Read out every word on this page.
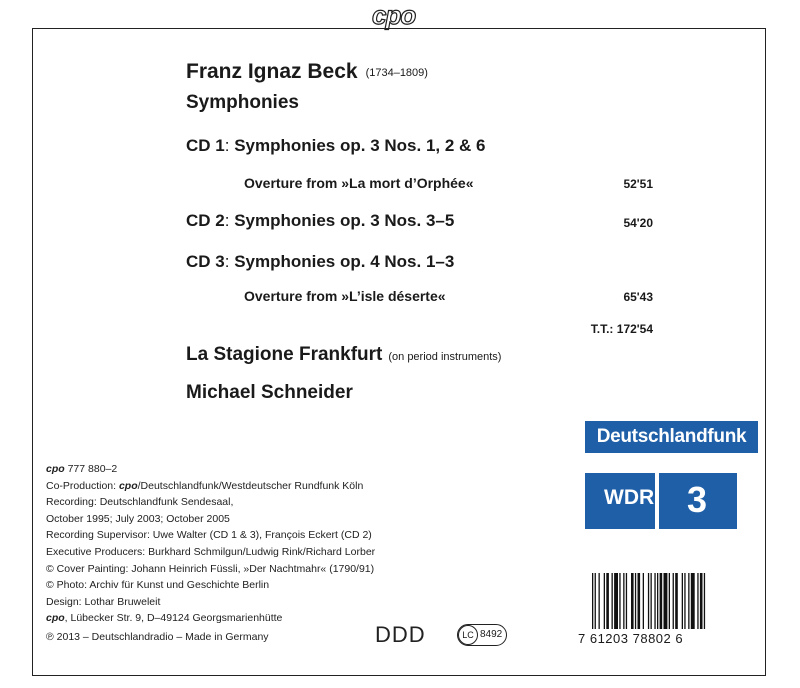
cpo
Franz Ignaz Beck (1734–1809)
Symphonies
CD 1: Symphonies op. 3 Nos. 1, 2 & 6
Overture from »La mort d’Orphée«	52'51
CD 2: Symphonies op. 3 Nos. 3–5	54'20
CD 3: Symphonies op. 4 Nos. 1–3
Overture from »L’isle déserte«	65'43
T.T.: 172'54
La Stagione Frankfurt (on period instruments)
Michael Schneider
Deutschlandfunk
WDR 3
cpo 777 880–2
Co-Production: cpo/Deutschlandfunk/Westdeutscher Rundfunk Köln
Recording: Deutschlandfunk Sendesaal,
October 1995; July 2003; October 2005
Recording Supervisor: Uwe Walter (CD 1 & 3), François Eckert (CD 2)
Executive Producers: Burkhard Schmilgun/Ludwig Rink/Richard Lorber
© Cover Painting: Johann Heinrich Füssli, »Der Nachtmahr« (1790/91)
© Photo: Archiv für Kunst und Geschichte Berlin
Design: Lothar Bruweleit
cpo, Lübecker Str. 9, D–49124 Georgsmarienhütte
℗ 2013 – Deutschlandradio – Made in Germany	DDD	LC 8492	7 61203 78802 6
